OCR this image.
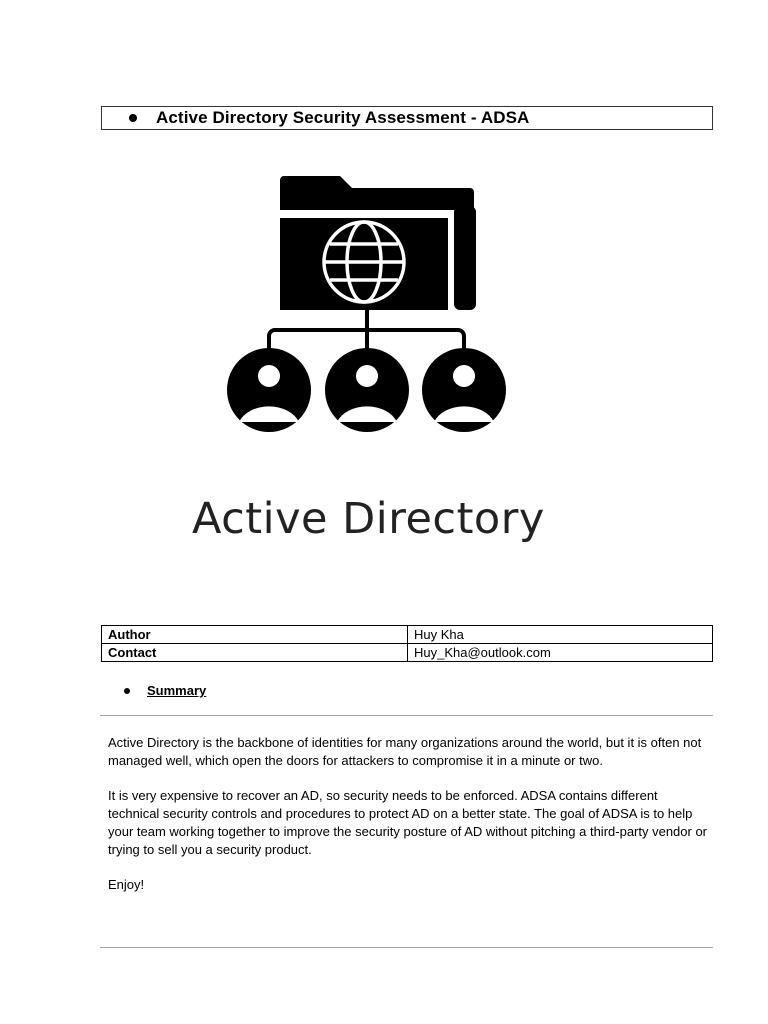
Active Directory Security Assessment - ADSA
Active Directory
Author	Huy Kha
Contact	Huy_Kha@outlook.com
Summary

Active Directory is the backbone of identities for many organizations around the world, but it is often not managed well, which open the doors for attackers to compromise it in a minute or two.

It is very expensive to recover an AD, so security needs to be enforced. ADSA contains different technical security controls and procedures to protect AD on a better state. The goal of ADSA is to help your team working together to improve the security posture of AD without pitching a third-party vendor or trying to sell you a security product.

Enjoy!
